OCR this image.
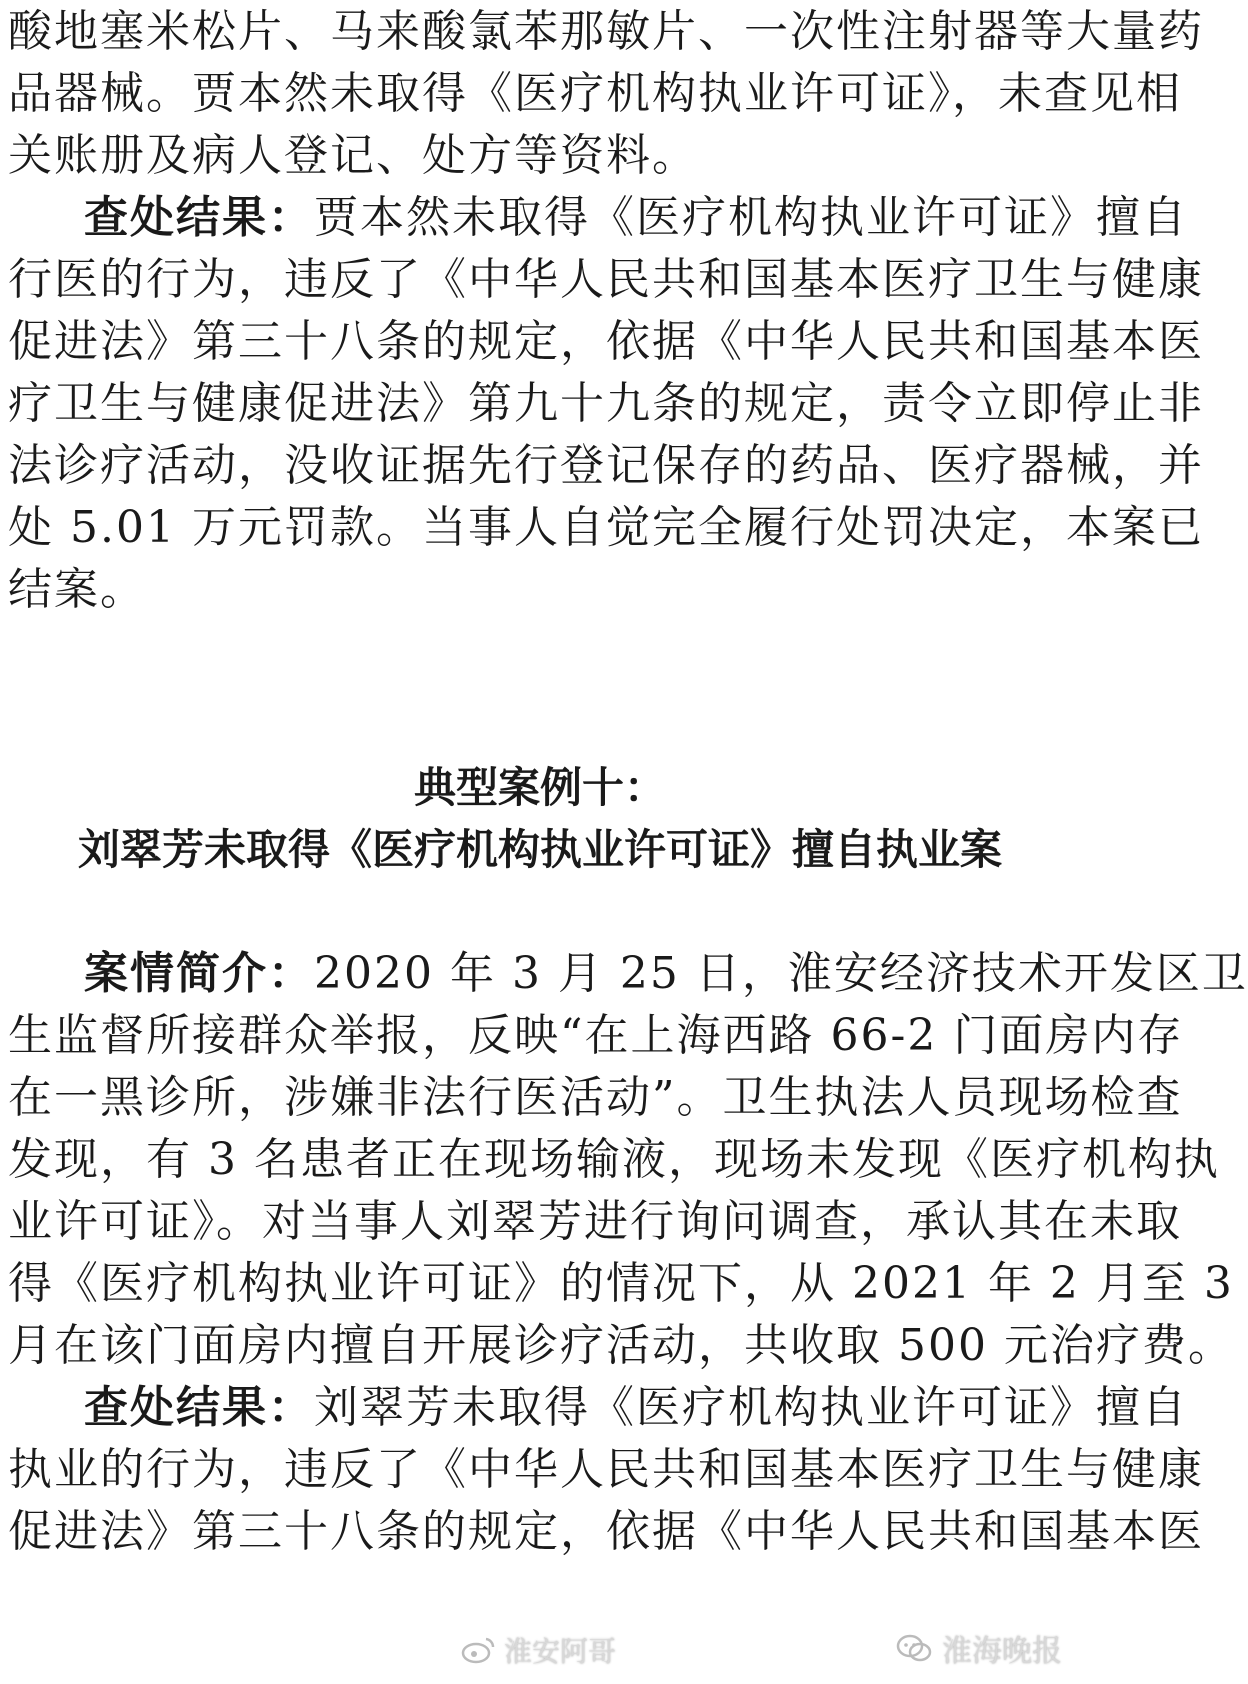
酸地塞米松片、马来酸氯苯那敏片、一次性注射器等大量药
品器械。贾本然未取得《医疗机构执业许可证》，未查见相
关账册及病人登记、处方等资料。
查处结果：贾本然未取得《医疗机构执业许可证》擅自
行医的行为，违反了《中华人民共和国基本医疗卫生与健康
促进法》第三十八条的规定，依据《中华人民共和国基本医
疗卫生与健康促进法》第九十九条的规定，责令立即停止非
法诊疗活动，没收证据先行登记保存的药品、医疗器械，并
处 5.01 万元罚款。当事人自觉完全履行处罚决定，本案已
结案。
典型案例十：
刘翠芳未取得《医疗机构执业许可证》擅自执业案
案情简介：2020 年 3 月 25 日，淮安经济技术开发区卫
生监督所接群众举报，反映“在上海西路 66-2 门面房内存
在一黑诊所，涉嫌非法行医活动”。卫生执法人员现场检查
发现，有 3 名患者正在现场输液，现场未发现《医疗机构执
业许可证》。对当事人刘翠芳进行询问调查，承认其在未取
得《医疗机构执业许可证》的情况下，从 2021 年 2 月至 3
月在该门面房内擅自开展诊疗活动，共收取 500 元治疗费。
查处结果：刘翠芳未取得《医疗机构执业许可证》擅自
执业的行为，违反了《中华人民共和国基本医疗卫生与健康
促进法》第三十八条的规定，依据《中华人民共和国基本医
淮安阿哥	淮海晚报
